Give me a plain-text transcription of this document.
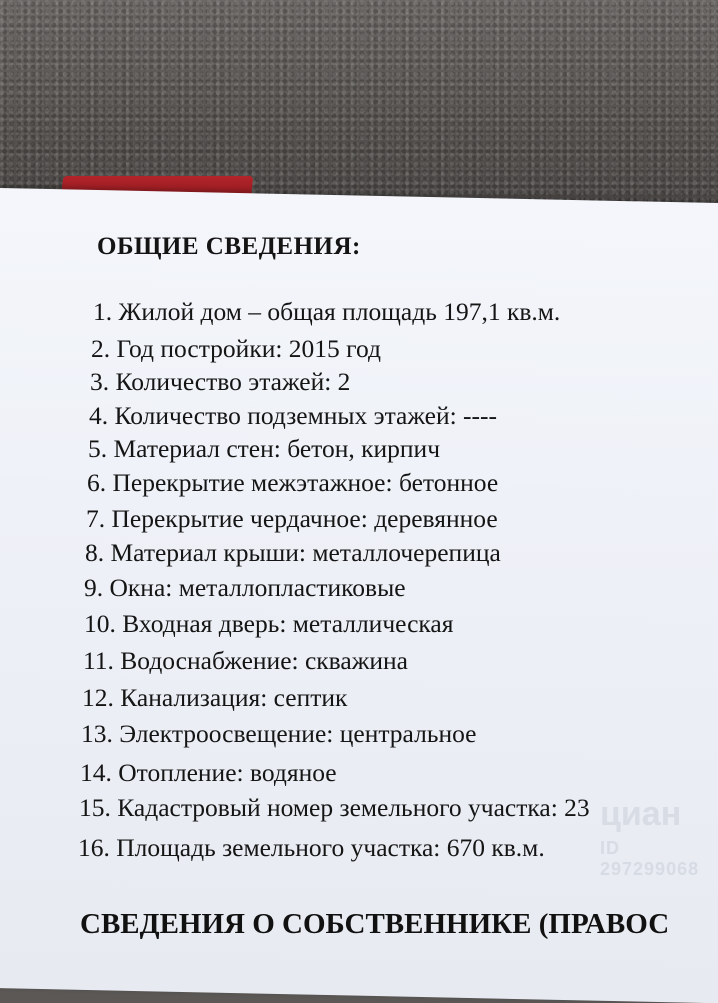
ОБЩИЕ СВЕДЕНИЯ:
1. Жилой дом – общая площадь 197,1 кв.м.
2. Год постройки: 2015 год
3. Количество этажей: 2
4. Количество подземных этажей: ----
5. Материал стен: бетон, кирпич
6. Перекрытие межэтажное: бетонное
7. Перекрытие чердачное: деревянное
8. Материал крыши: металлочерепица
9. Окна: металлопластиковые
10. Входная дверь: металлическая
11. Водоснабжение: скважина
12. Канализация: септик
13. Электроосвещение: центральное
14. Отопление: водяное
15. Кадастровый номер земельного участка: 23
16. Площадь земельного участка: 670 кв.м.
циан
ID 297299068
СВЕДЕНИЯ О СОБСТВЕННИКЕ (ПРАВОС
